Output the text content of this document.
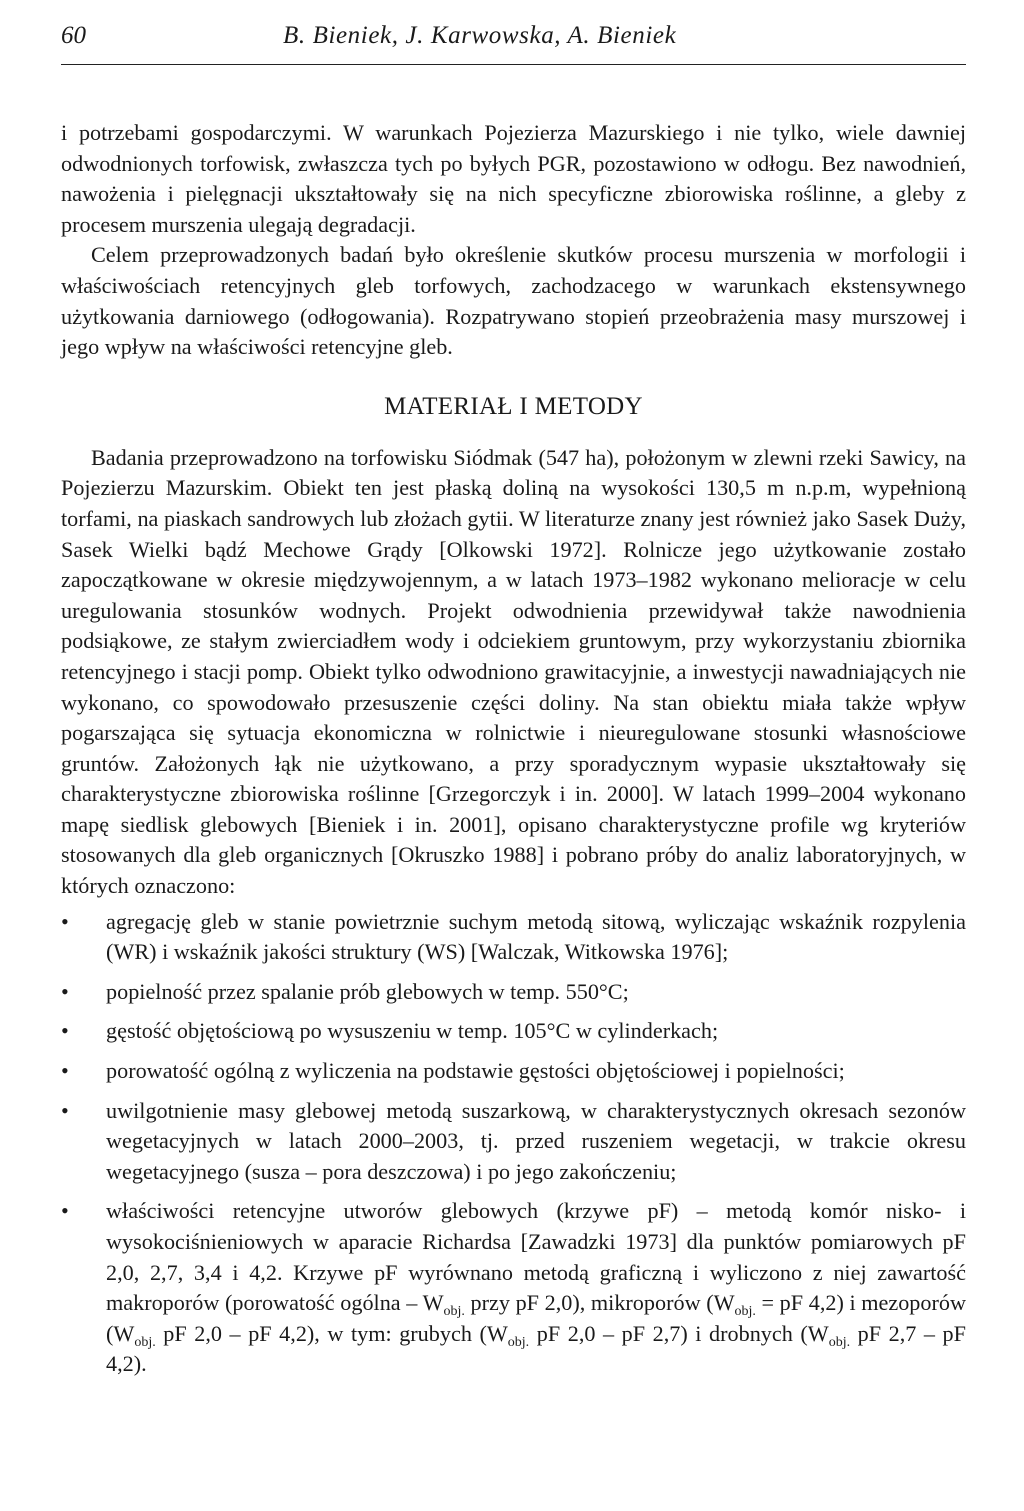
60	B. Bieniek, J. Karwowska, A. Bieniek

i potrzebami gospodarczymi. W warunkach Pojezierza Mazurskiego i nie tylko, wiele dawniej odwodnionych torfowisk, zwłaszcza tych po byłych PGR, pozostawiono w odłogu. Bez nawodnień, nawożenia i pielęgnacji ukształtowały się na nich specyficzne zbiorowiska roślinne, a gleby z procesem murszenia ulegają degradacji.

Celem przeprowadzonych badań było określenie skutków procesu murszenia w morfologii i właściwościach retencyjnych gleb torfowych, zachodzacego w warunkach ekstensywnego użytkowania darniowego (odłogowania). Rozpatrywano stopień przeobrażenia masy murszowej i jego wpływ na właściwości retencyjne gleb.

MATERIAŁ I METODY

Badania przeprowadzono na torfowisku Siódmak (547 ha), położonym w zlewni rzeki Sawicy, na Pojezierzu Mazurskim. Obiekt ten jest płaską doliną na wysokości 130,5 m n.p.m, wypełnioną torfami, na piaskach sandrowych lub złożach gytii. W literaturze znany jest również jako Sasek Duży, Sasek Wielki bądź Mechowe Grądy [Olkowski 1972]. Rolnicze jego użytkowanie zostało zapoczątkowane w okresie międzywojennym, a w latach 1973–1982 wykonano melioracje w celu uregulowania stosunków wodnych. Projekt odwodnienia przewidywał także nawodnienia podsiąkowe, ze stałym zwierciadłem wody i odciekiem gruntowym, przy wykorzystaniu zbiornika retencyjnego i stacji pomp. Obiekt tylko odwodniono grawitacyjnie, a inwestycji nawadniających nie wykonano, co spowodowało przesuszenie części doliny. Na stan obiektu miała także wpływ pogarszająca się sytuacja ekonomiczna w rolnictwie i nieuregulowane stosunki własnościowe gruntów. Założonych łąk nie użytkowano, a przy sporadycznym wypasie ukształtowały się charakterystyczne zbiorowiska roślinne [Grzegorczyk i in. 2000]. W latach 1999–2004 wykonano mapę siedlisk glebowych [Bieniek i in. 2001], opisano charakterystyczne profile wg kryteriów stosowanych dla gleb organicznych [Okruszko 1988] i pobrano próby do analiz laboratoryjnych, w których oznaczono:

• agregację gleb w stanie powietrznie suchym metodą sitową, wyliczając wskaźnik rozpylenia (WR) i wskaźnik jakości struktury (WS) [Walczak, Witkowska 1976];
• popielność przez spalanie prób glebowych w temp. 550°C;
• gęstość objętościową po wysuszeniu w temp. 105°C w cylinderkach;
• porowatość ogólną z wyliczenia na podstawie gęstości objętościowej i popielności;
• uwilgotnienie masy glebowej metodą suszarkową, w charakterystycznych okresach sezonów wegetacyjnych w latach 2000–2003, tj. przed ruszeniem wegetacji, w trakcie okresu wegetacyjnego (susza – pora deszczowa) i po jego zakończeniu;
• właściwości retencyjne utworów glebowych (krzywe pF) – metodą komór nisko- i wysokociśnieniowych w aparacie Richardsa [Zawadzki 1973] dla punktów pomiarowych pF 2,0, 2,7, 3,4 i 4,2. Krzywe pF wyrównano metodą graficzną i wyliczono z niej zawartość makroporów (porowatość ogólna – $W_{obj.}$ przy pF 2,0), mikroporów ($W_{obj.}$ = pF 4,2) i mezoporów ($W_{obj.}$ pF 2,0 – pF 4,2), w tym: grubych ($W_{obj.}$ pF 2,0 – pF 2,7) i drobnych ($W_{obj.}$ pF 2,7 – pF 4,2).
